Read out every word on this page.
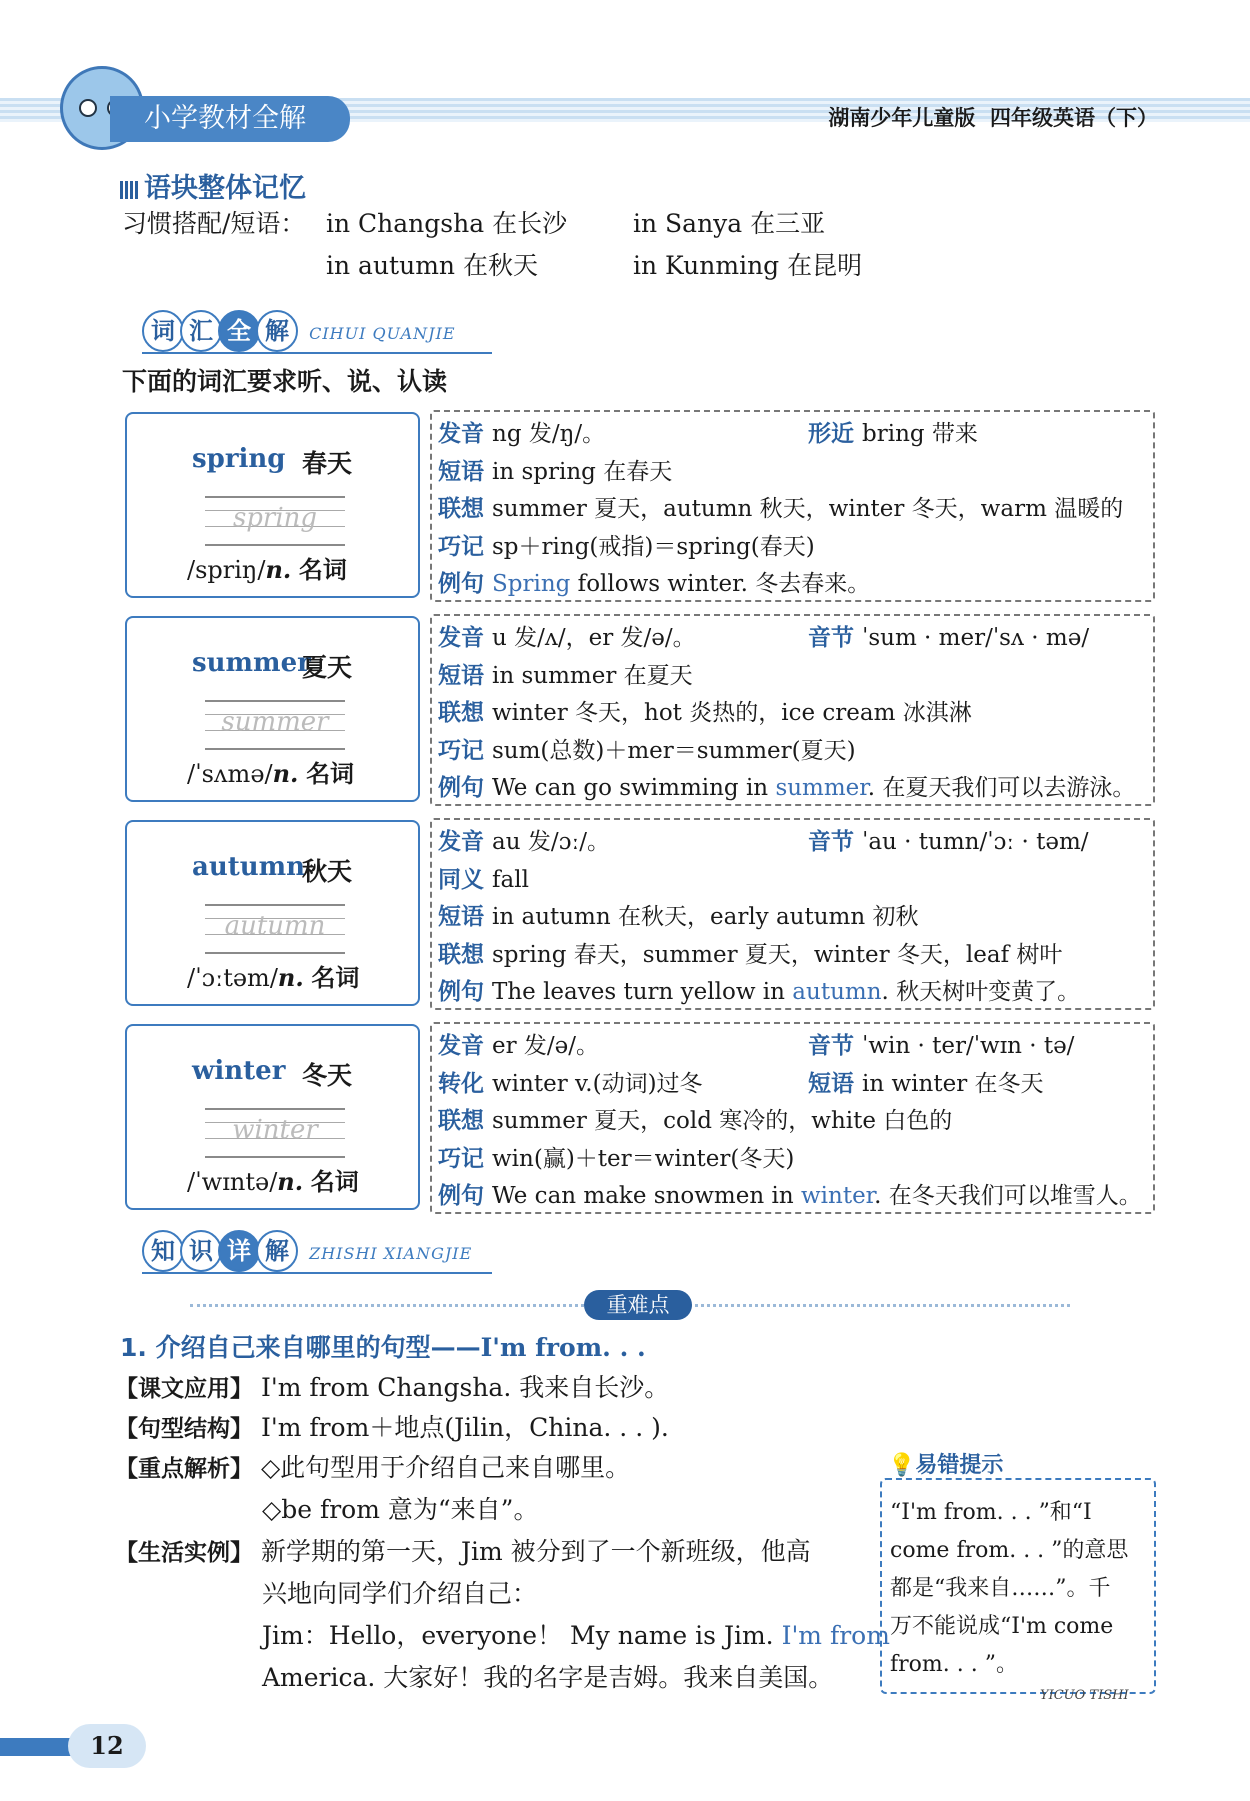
小学教材全解	湖南少年儿童版 四年级英语（下）
语块整体记忆
习惯搭配/短语： in Changsha 在长沙	in Sanya 在三亚
in autumn 在秋天	in Kunming 在昆明
词 汇 全 解 CIHUI QUANJIE
下面的词汇要求听、说、认读
spring 春天
spring
/spriŋ/n. 名词
发音 ng 发/ŋ/。	形近 bring 带来
短语 in spring 在春天
联想 summer 夏天，autumn 秋天，winter 冬天，warm 温暖的
巧记 sp＋ring(戒指)＝spring(春天)
例句 Spring follows winter. 冬去春来。
summer
夏天
summer
/ˈsʌmə/n. 名词
发音 u 发/ʌ/，er 发/ə/。	音节 ˈsum · mer/ˈsʌ · mə/
短语 in summer 在夏天
联想 winter 冬天，hot 炎热的，ice cream 冰淇淋
巧记 sum(总数)＋mer＝summer(夏天)
例句 We can go swimming in summer. 在夏天我们可以去游泳。
autumn
秋天
autumn
/ˈɔːtəm/n. 名词
发音 au 发/ɔː/。	音节 ˈau · tumn/ˈɔː · təm/
同义 fall
短语 in autumn 在秋天，early autumn 初秋
联想 spring 春天，summer 夏天，winter 冬天，leaf 树叶
例句 The leaves turn yellow in autumn. 秋天树叶变黄了。
winter 冬天
winter
/ˈwɪntə/n. 名词
发音 er 发/ə/。	音节 ˈwin · ter/ˈwɪn · tə/
转化 winter v.(动词)过冬	短语 in winter 在冬天
联想 summer 夏天，cold 寒冷的，white 白色的
巧记 win(赢)＋ter＝winter(冬天)
例句 We can make snowmen in winter. 在冬天我们可以堆雪人。
知 识 详 解 ZHISHI XIANGJIE
重难点
1. 介绍自己来自哪里的句型——I'm from. . .
【课文应用】 I'm from Changsha. 我来自长沙。
【句型结构】 I'm from＋地点(Jilin，China. . . ).
【重点解析】 ◇此句型用于介绍自己来自哪里。
◇be from 意为“来自”。
【生活实例】 新学期的第一天，Jim 被分到了一个新班级，他高
兴地向同学们介绍自己：
Jim：Hello，everyone！ My name is Jim. I'm from
America. 大家好！我的名字是吉姆。我来自美国。
💡易错提示
“I'm from. . . ”和“I
come from. . . ”的意思
都是“我来自……”。千
万不能说成“I'm come
from. . . ”。
YICUO TISHI
12
